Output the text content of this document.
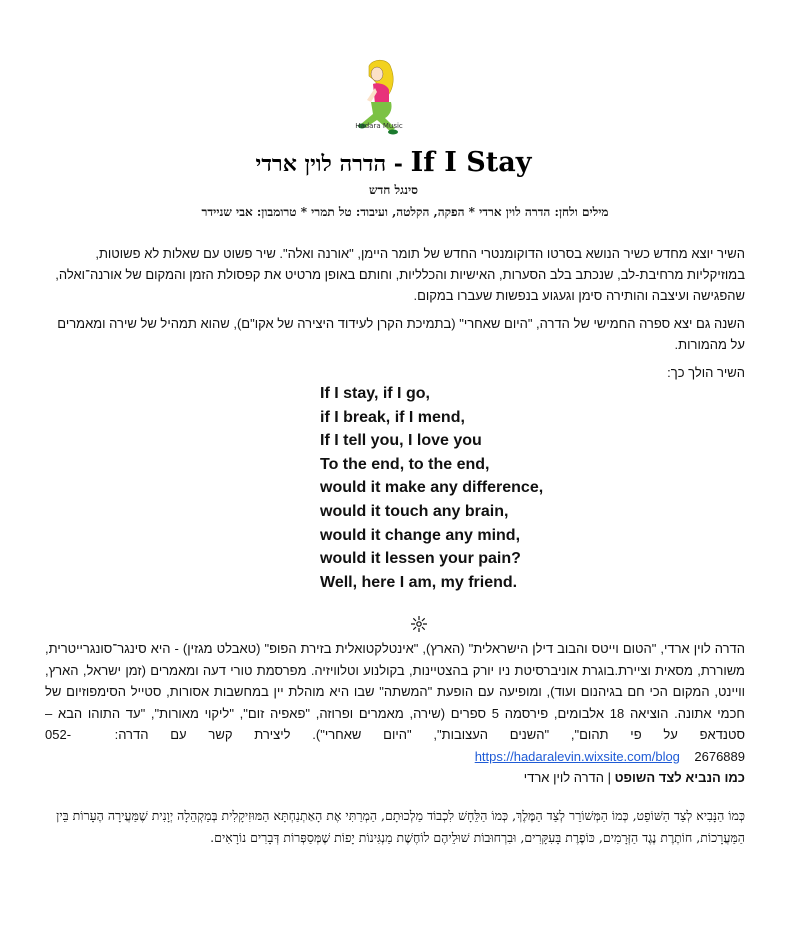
Hadara Music
If I Stay - הדרה לוין ארדי
סינגל חדש
מילים ולחן: הדרה לוין ארדי * הפקה, הקלטה, ועיבוד: טל תמרי * טרומבון: אבי שניידר

השיר יוצא מחדש כשיר הנושא בסרטו הדוקומנטרי החדש של תומר היימן, "אורנה ואלה". שיר פשוט עם שאלות לא פשוטות, במוזיקליות מרחיבת-לב, שנכתב בלב הסערות, האישיות והכלליות, וחותם באופן מרטיט את קפסולת הזמן והמקום של אורנה־ואלה, שהפגישה ועיצבה והותירה סימן וגעגוע בנפשות שעברו במקום.

השנה גם יצא ספרה החמישי של הדרה, "היום שאחרי" (בתמיכת הקרן לעידוד היצירה של אקו"ם), שהוא תמהיל של שירה ומאמרים על מהמורות.

השיר הולך כך:

If I stay, if I go,
if I break, if I mend,
If I tell you, I love you
To the end, to the end,
would it make any difference,
would it touch any brain,
would it change any mind,
would it lessen your pain?
Well, here I am, my friend.

הדרה לוין ארדי, "הטום וייטס והבוב דילן הישראלית" (הארץ), "אינטלקטואלית בזירת הפופ" (טאבלט מגזין) - היא סינגר־סונגרייטרית, משוררת, מסאית וציירת.בוגרת אוניברסיטת ניו יורק בהצטיינות, בקולנוע וטלוויזיה. מפרסמת טורי דעה ומאמרים (זמן ישראל, הארץ, וויינט, המקום הכי חם בגיהנום ועוד), ומופיעה עם הופעת "המשתה" שבו היא מוהלת יין במחשבות אסורות, סטייל הסימפוזיום של חכמי אתונה. הוציאה 18 אלבומים, פירסמה 5 ספרים (שירה, מאמרים ופרוזה, "פאפיה זום", "ליקוי מאורות", "עד התוהו הבא – סטנדאפ על פי תהום", "השנים העצובות", "היום שאחרי"). ליצירת קשר עם הדרה:  052-2676889    https://hadaralevin.wixsite.com/blog

כמו הנביא לצד השופט | הדרה לוין ארדי

כְּמוֹ הַנָּבִיא לְצַד הַשּׁוֹפֵט, כְּמוֹ הַמְּשׁוֹרֵר לְצַד הַמֶּלֶךְ, כְּמוֹ הַלֵּחָשׁ לִכְבוֹד מַלְכוּתָם, הַמְרַתִּי אֶת הָאַתְנַחְתָּא הַמּוּזִיקָלִית בְּמַקְהֵלָה יְוָנִית שֶׁמַּעֲירָה הֶעָרוֹת בֵּין הַמַּעֲרָכוֹת, חוֹתֶרֶת נֶגֶד הַזְּרָמִים, כּוֹפֶרֶת בָּעִקָּרִים, וּבִרְחוּבוֹת שׁוּלֵיהֶם לוֹחֶשֶׁת מַנְגִּינוֹת יָפוֹת שֶׁמְּסַפְּרוֹת דְּבָרִים נוֹרָאִים.
